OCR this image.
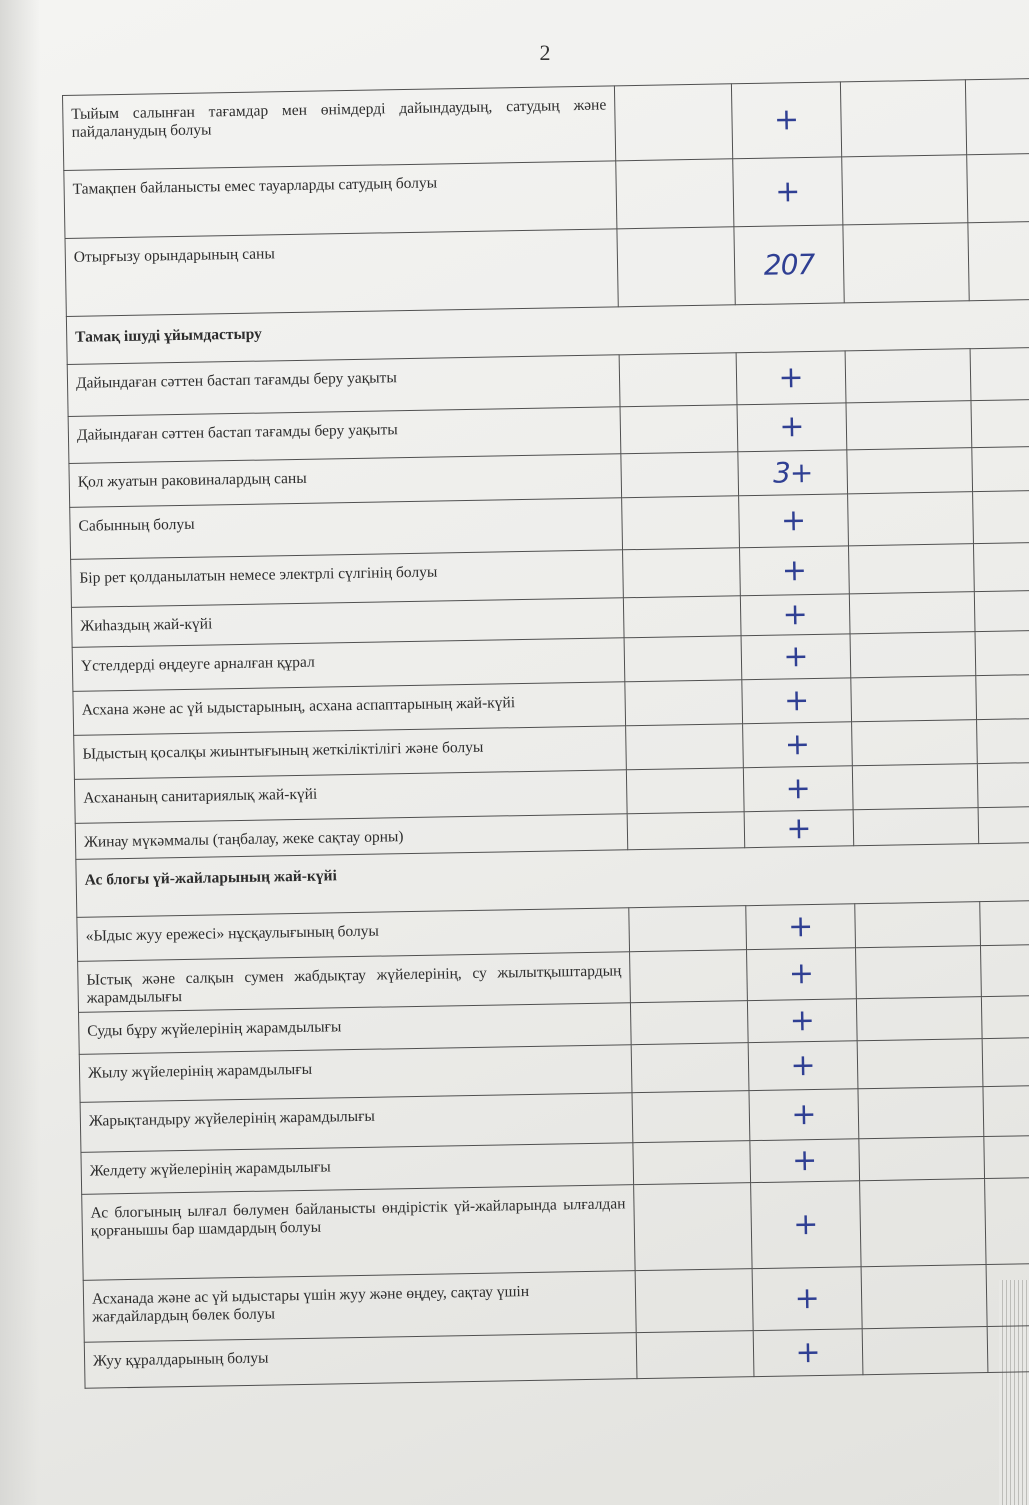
2
Тыйым салынған тағамдар мен өнімдерді дайындаудың, сатудың және пайдаланудың болуы		+		
Тамақпен байланысты емес тауарларды сатудың болуы		+		
Отырғызу орындарының саны		207		
Тамақ ішуді ұйымдастыру				
Дайындаған сәттен бастап тағамды беру уақыты		+		
Дайындаған сәттен бастап тағамды беру уақыты		+		
Қол жуатын раковиналардың саны		3+		
Сабынның болуы		+		
Бір рет қолданылатын немесе электрлі сүлгінің болуы		+		
Жиһаздың жай-күйі		+		
Үстелдерді өңдеуге арналған құрал		+		
Асхана және ас үй ыдыстарының, асхана аспаптарының жай-күйі		+		
Ыдыстың қосалқы жиынтығының жеткіліктілігі және болуы		+		
Асхананың санитариялық жай-күйі		+		
Жинау мүкәммалы (таңбалау, жеке сақтау орны)		+		
Ас блогы үй-жайларының жай-күйі				
«Ыдыс жуу ережесі» нұсқаулығының болуы		+		
Ыстық және салқын сумен жабдықтау жүйелерінің, су жылытқыштардың жарамдылығы		+		
Суды бұру жүйелерінің жарамдылығы		+		
Жылу жүйелерінің жарамдылығы		+		
Жарықтандыру жүйелерінің жарамдылығы		+		
Желдету жүйелерінің жарамдылығы		+		
Ас блогының ылғал бөлумен байланысты өндірістік үй-жайларында ылғалдан қорғанышы бар шамдардың болуы		+		
Асханада және ас үй ыдыстары үшін жуу және өңдеу, сақтау үшін жағдайлардың бөлек болуы		+		
Жуу құралдарының болуы		+		
